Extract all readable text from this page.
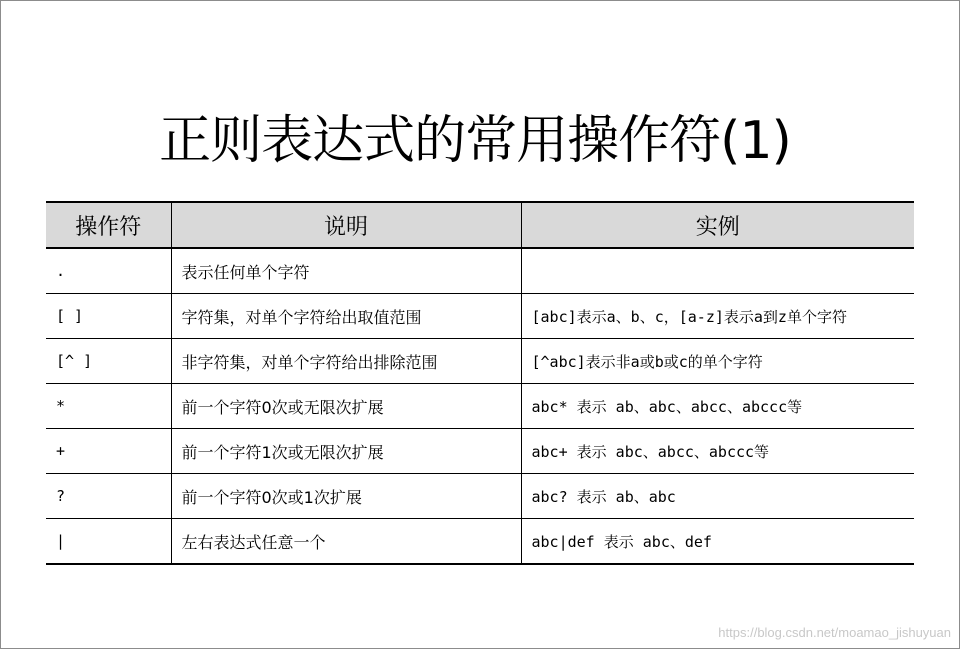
正则表达式的常用操作符(1)
操作符	说明	实例
.	表示任何单个字符	
[ ]	字符集，对单个字符给出取值范围	[abc]表示a、b、c，[a-z]表示a到z单个字符
[^ ]	非字符集，对单个字符给出排除范围	[^abc]表示非a或b或c的单个字符
*	前一个字符0次或无限次扩展	abc* 表示 ab、abc、abcc、abccc等
+	前一个字符1次或无限次扩展	abc+ 表示 abc、abcc、abccc等
?	前一个字符0次或1次扩展	abc? 表示 ab、abc
|	左右表达式任意一个	abc|def 表示 abc、def
https://blog.csdn.net/moamao_jishuyuan
